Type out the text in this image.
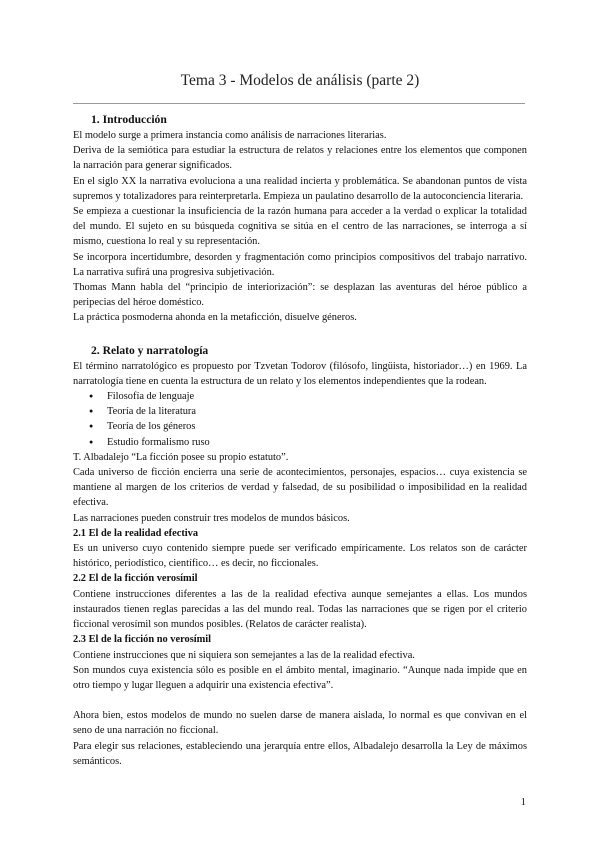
Tema 3 - Modelos de análisis (parte 2)
1. Introducción

El modelo surge a primera instancia como análisis de narraciones literarias.

Deriva de la semiótica para estudiar la estructura de relatos y relaciones entre los elementos que componen la narración para generar significados.

En el siglo XX la narrativa evoluciona a una realidad incierta y problemática. Se abandonan puntos de vista supremos y totalizadores para reinterpretarla. Empieza un paulatino desarrollo de la autoconciencia literaria.

Se empieza a cuestionar la insuficiencia de la razón humana para acceder a la verdad o explicar la totalidad del mundo. El sujeto en su búsqueda cognitiva se sitúa en el centro de las narraciones, se interroga a sí mismo, cuestiona lo real y su representación.

Se incorpora incertidumbre, desorden y fragmentación como principios compositivos del trabajo narrativo. La narrativa sufirá una progresiva subjetivación.

Thomas Mann habla del “principio de interiorización”: se desplazan las aventuras del héroe público a peripecias del héroe doméstico.

La práctica posmoderna ahonda en la metaficción, disuelve géneros.

2. Relato y narratología

El término narratológico es propuesto por Tzvetan Todorov (filósofo, lingüista, historiador…) en 1969. La narratología tiene en cuenta la estructura de un relato y los elementos independientes que la rodean.

● Filosofía de lenguaje
● Teoría de la literatura
● Teoría de los géneros
● Estudio formalismo ruso

T. Albadalejo “La ficción posee su propio estatuto”.

Cada universo de ficción encierra una serie de acontecimientos, personajes, espacios… cuya existencia se mantiene al margen de los criterios de verdad y falsedad, de su posibilidad o imposibilidad en la realidad efectiva.

Las narraciones pueden construir tres modelos de mundos básicos.

2.1 El de la realidad efectiva

Es un universo cuyo contenido siempre puede ser verificado empíricamente. Los relatos son de carácter histórico, periodístico, científico… es decir, no ficcionales.

2.2 El de la ficción verosímil

Contiene instrucciones diferentes a las de la realidad efectiva aunque semejantes a ellas. Los mundos instaurados tienen reglas parecidas a las del mundo real. Todas las narraciones que se rigen por el criterio ficcional verosímil son mundos posibles. (Relatos de carácter realista).

2.3 El de la ficción no verosímil

Contiene instrucciones que ni siquiera son semejantes a las de la realidad efectiva.

Son mundos cuya existencia sólo es posible en el ámbito mental, imaginario. “Aunque nada impide que en otro tiempo y lugar lleguen a adquirir una existencia efectiva”.

Ahora bien, estos modelos de mundo no suelen darse de manera aislada, lo normal es que convivan en el seno de una narración no ficcional.

Para elegir sus relaciones, estableciendo una jerarquía entre ellos, Albadalejo desarrolla la Ley de máximos semánticos.

1
